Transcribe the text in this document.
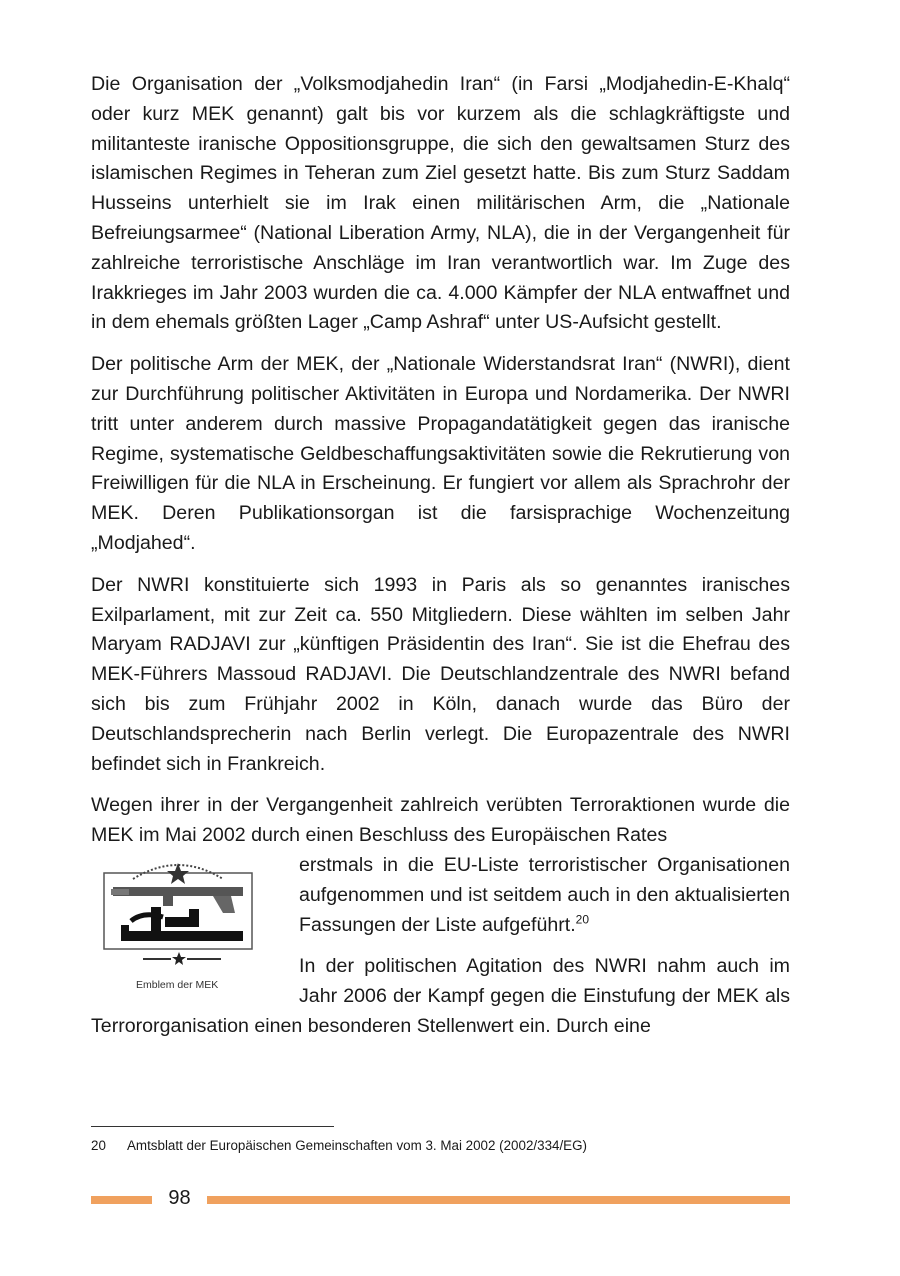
Die Organisation der „Volksmodjahedin Iran“ (in Farsi „Modjahedin-E-Khalq“ oder kurz MEK genannt) galt bis vor kurzem als die schlagkräftigste und militanteste iranische Oppositionsgruppe, die sich den gewaltsamen Sturz des islamischen Regimes in Teheran zum Ziel gesetzt hatte. Bis zum Sturz Saddam Husseins unterhielt sie im Irak einen militärischen Arm, die „Nationale Befreiungsarmee“ (National Liberation Army, NLA), die in der Vergangenheit für zahlreiche terroristische Anschläge im Iran verantwortlich war. Im Zuge des Irakkrieges im Jahr 2003 wurden die ca. 4.000 Kämpfer der NLA entwaffnet und in dem ehemals größten Lager „Camp Ashraf“ unter US-Aufsicht gestellt.

Der politische Arm der MEK, der „Nationale Widerstandsrat Iran“ (NWRI), dient zur Durchführung politischer Aktivitäten in Europa und Nordamerika. Der NWRI tritt unter anderem durch massive Propagandatätigkeit gegen das iranische Regime, systematische Geldbeschaffungsaktivitäten sowie die Rekrutierung von Freiwilligen für die NLA in Erscheinung. Er fungiert vor allem als Sprachrohr der MEK. Deren Publikationsorgan ist die farsisprachige Wochenzeitung „Modjahed“.

Der NWRI konstituierte sich 1993 in Paris als so genanntes iranisches Exilparlament, mit zur Zeit ca. 550 Mitgliedern. Diese wählten im selben Jahr Maryam RADJAVI zur „künftigen Präsidentin des Iran“. Sie ist die Ehefrau des MEK-Führers Massoud RADJAVI. Die Deutschlandzentrale des NWRI befand sich bis zum Frühjahr 2002 in Köln, danach wurde das Büro der Deutschlandsprecherin nach Berlin verlegt. Die Europazentrale des NWRI befindet sich in Frankreich.

Wegen ihrer in der Vergangenheit zahlreich verübten Terroraktionen wurde die MEK im Mai 2002 durch einen Beschluss des Europäischen Rates

Emblem der MEK

erstmals in die EU-Liste terroristischer Organisationen aufgenommen und ist seitdem auch in den aktualisierten Fassungen der Liste aufgeführt.$^{20}$

In der politischen Agitation des NWRI nahm auch im Jahr 2006 der Kampf gegen die Einstufung der MEK als Terrororganisation einen besonderen Stellenwert ein. Durch eine

20 Amtsblatt der Europäischen Gemeinschaften vom 3. Mai 2002 (2002/334/EG)
98
